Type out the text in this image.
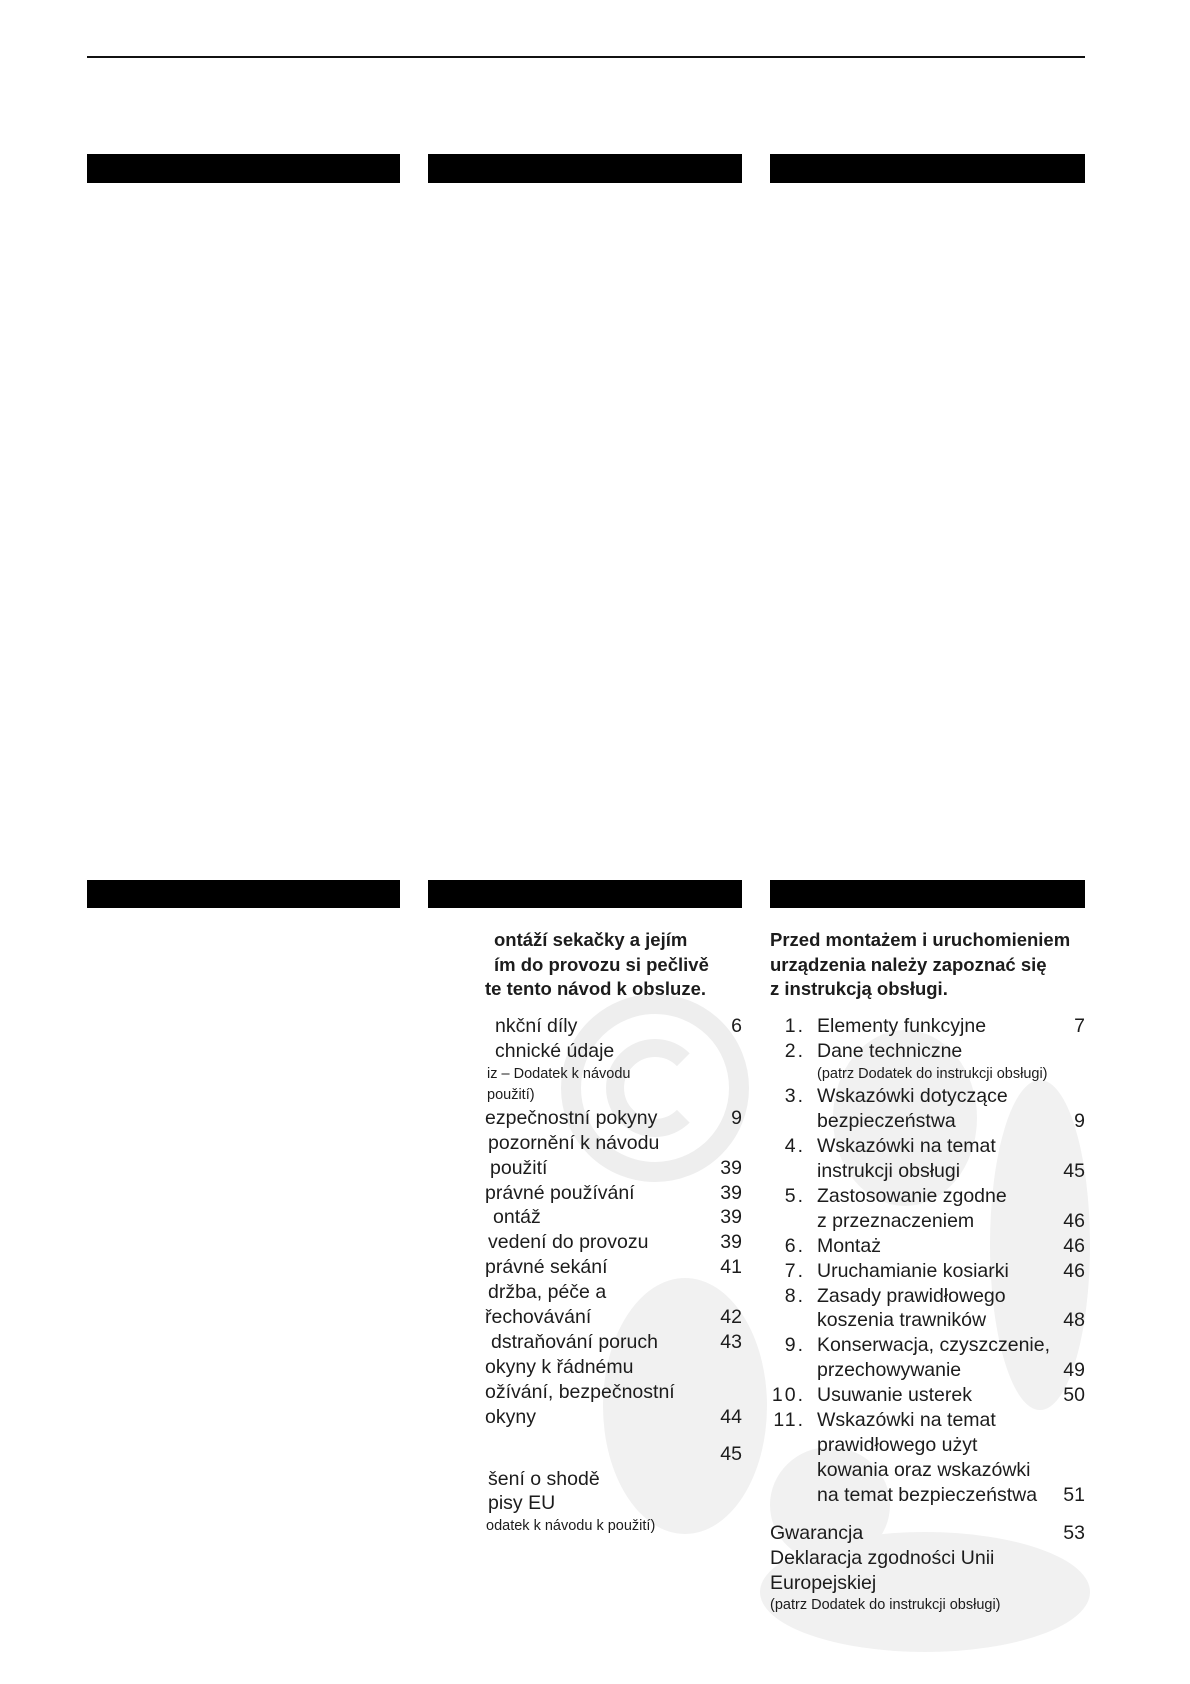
ontáží sekačky a jejím
ím do provozu si pečlivě
te tento návod k obsluze.
nkční díly	6
chnické údaje
iz – Dodatek k návodu
použití)
ezpečnostní pokyny	9
pozornění k návodu
použití	39
právné používání	39
ontáž	39
vedení do provozu	39
právné sekání	41
držba, péče a
řechovávání	42
dstraňování poruch	43
okyny k řádnému
ožívání, bezpečnostní
okyny	44
45
šení o shodě
pisy EU
odatek k návodu k použití)
Przed montażem i uruchomieniem
urządzenia należy zapoznać się
z instrukcją obsługi.
1. Elementy funkcyjne	7
2. Dane techniczne
(patrz Dodatek do instrukcji obsługi)
3. Wskazówki dotyczące
bezpieczeństwa	9
4. Wskazówki na temat
instrukcji obsługi	45
5. Zastosowanie zgodne
z przeznaczeniem	46
6. Montaż	46
7. Uruchamianie kosiarki	46
8. Zasady prawidłowego
koszenia trawników	48
9. Konserwacja, czyszczenie,
przechowywanie	49
10. Usuwanie usterek	50
11. Wskazówki na temat
prawidłowego użyt
kowania oraz wskazówki
na temat bezpieczeństwa	51
Gwarancja	53
Deklaracja zgodności Unii
Europejskiej
(patrz Dodatek do instrukcji obsługi)
